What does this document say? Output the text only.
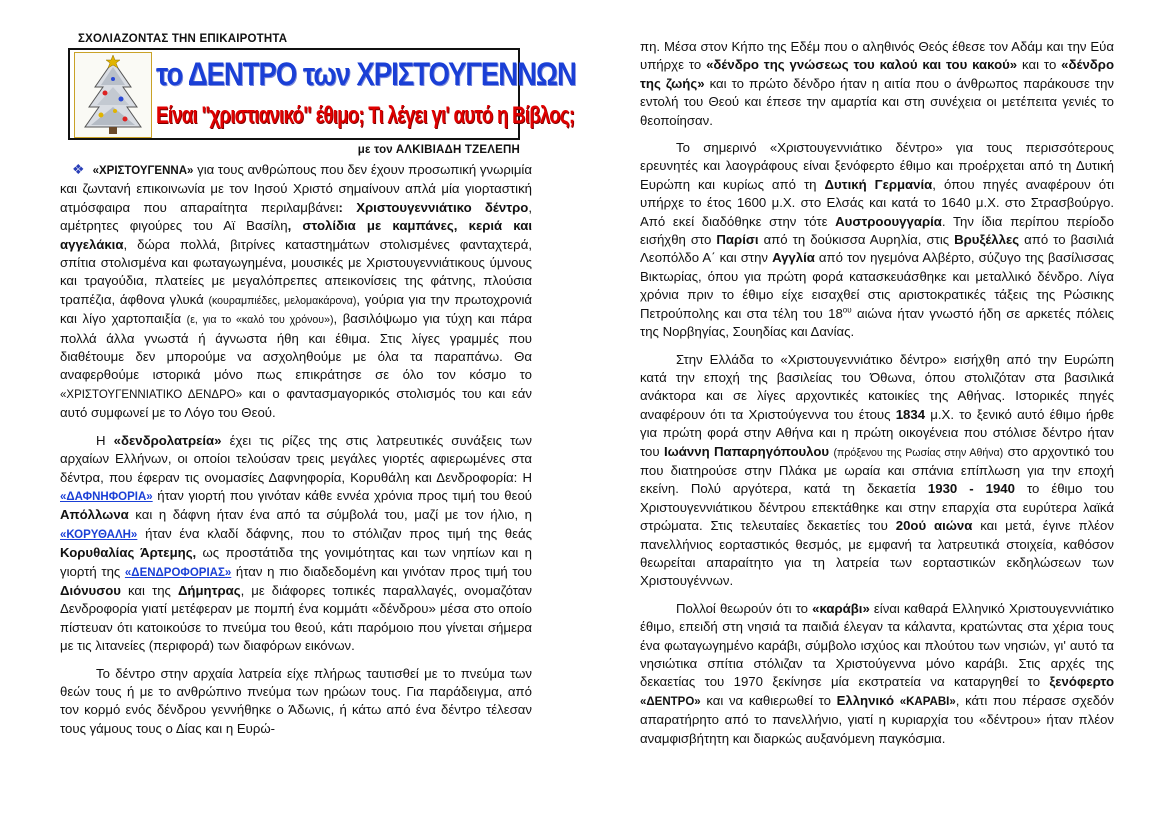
ΣΧΟΛΙΑΖΟΝΤΑΣ ΤΗΝ ΕΠΙΚΑΙΡΟΤΗΤΑ
το ΔΕΝΤΡΟ των ΧΡΙΣΤΟΥΓΕΝΝΩΝ
Είναι "χριστιανικό" έθιμο; Τι λέγει γι' αυτό η Βίβλος;
με τον ΑΛΚΙΒΙΑΔΗ ΤΖΕΛΕΠΗ

❖ «ΧΡΙΣΤΟΥΓΕΝΝΑ» για τους ανθρώπους που δεν έχουν προσωπική γνωριμία και ζωντανή επικοινωνία με τον Ιησού Χριστό σημαίνουν απλά μία γιορταστική ατμόσφαιρα που απαραίτητα περιλαμβάνει: Χριστουγεννιάτικο δέντρο, αμέτρητες φιγούρες του Αϊ Βασίλη, στολίδια με καμπάνες, κεριά και αγγελάκια, δώρα πολλά, βιτρίνες καταστημάτων στολισμένες φανταχτερά, σπίτια στολισμένα και φωταγωγημένα, μουσικές με Χριστουγεννιάτικους ύμνους και τραγούδια, πλατείες με μεγαλόπρεπες απεικονίσεις της φάτνης, πλούσια τραπέζια, άφθονα γλυκά (κουραμπιέδες, μελομακάρονα), γούρια για την πρωτοχρονιά και λίγο χαρτοπαιξία (ε, για το «καλό του χρόνου»), βασιλόψωμο για τύχη και πάρα πολλά άλλα γνωστά ή άγνωστα ήθη και έθιμα. Στις λίγες γραμμές που διαθέτουμε δεν μπορούμε να ασχοληθούμε με όλα τα παραπάνω. Θα αναφερθούμε ιστορικά μόνο πως επικράτησε σε όλο τον κόσμο το «ΧΡΙΣΤΟΥΓΕΝΝΙΑΤΙΚΟ ΔΕΝΔΡΟ» και ο φαντασμαγορικός στολισμός του και εάν αυτό συμφωνεί με το Λόγο του Θεού.

Η «δενδρολατρεία» έχει τις ρίζες της στις λατρευτικές συνάξεις των αρχαίων Ελλήνων, οι οποίοι τελούσαν τρεις μεγάλες γιορτές αφιερωμένες στα δέντρα, που έφεραν τις ονομασίες Δαφνηφορία, Κορυθάλη και Δενδροφορία: Η «ΔΑΦΝΗΦΟΡΙΑ» ήταν γιορτή που γινόταν κάθε εννέα χρόνια προς τιμή του θεού Απόλλωνα και η δάφνη ήταν ένα από τα σύμβολά του, μαζί με τον ήλιο, η «ΚΟΡΥΘΑΛΗ» ήταν ένα κλαδί δάφνης, που το στόλιζαν προς τιμή της θεάς Κορυθαλίας Άρτεμης, ως προστάτιδα της γονιμότητας και των νηπίων και η γιορτή της «ΔΕΝΔΡΟΦΟΡΙΑΣ» ήταν η πιο διαδεδομένη και γινόταν προς τιμή του Διόνυσου και της Δήμητρας, με διάφορες τοπικές παραλλαγές, ονομαζόταν Δενδροφορία γιατί μετέφεραν με πομπή ένα κομμάτι «δένδρου» μέσα στο οποίο πίστευαν ότι κατοικούσε το πνεύμα του θεού, κάτι παρόμοιο που γίνεται σήμερα με τις λιτανείες (περιφορά) των διαφόρων εικόνων.

Το δέντρο στην αρχαία λατρεία είχε πλήρως ταυτισθεί με το πνεύμα των θεών τους ή με το ανθρώπινο πνεύμα των ηρώων τους. Για παράδειγμα, από τον κορμό ενός δένδρου γεννήθηκε ο Άδωνις, ή κάτω από ένα δέντρο τέλεσαν τους γάμους τους ο Δίας και η Ευρώ-

πη. Μέσα στον Κήπο της Εδέμ που ο αληθινός Θεός έθεσε τον Αδάμ και την Εύα υπήρχε το «δένδρο της γνώσεως του καλού και του κακού» και το «δένδρο της ζωής» και το πρώτο δένδρο ήταν η αιτία που ο άνθρωπος παράκουσε την εντολή του Θεού και έπεσε την αμαρτία και στη συνέχεια οι μετέπειτα γενιές το θεοποίησαν.

Το σημερινό «Χριστουγεννιάτικο δέντρο» για τους περισσότερους ερευνητές και λαογράφους είναι ξενόφερτο έθιμο και προέρχεται από τη Δυτική Ευρώπη και κυρίως από τη Δυτική Γερμανία, όπου πηγές αναφέρουν ότι υπήρχε το έτος 1600 μ.Χ. στο Ελσάς και κατά το 1640 μ.Χ. στο Στρασβούργο. Από εκεί διαδόθηκε στην τότε Αυστροουγγαρία. Την ίδια περίπου περίοδο εισήχθη στο Παρίσι από τη δούκισσα Αυρηλία, στις Βρυξέλλες από το βασιλιά Λεοπόλδο Α΄ και στην Αγγλία από τον ηγεμόνα Αλβέρτο, σύζυγο της βασίλισσας Βικτωρίας, όπου για πρώτη φορά κατασκευάσθηκε και μεταλλικό δένδρο. Λίγα χρόνια πριν το έθιμο είχε εισαχθεί στις αριστοκρατικές τάξεις της Ρώσικης Πετρούπολης και στα τέλη του $18^{o\upsilon}$ αιώνα ήταν γνωστό ήδη σε αρκετές πόλεις της Νορβηγίας, Σουηδίας και Δανίας.

Στην Ελλάδα το «Χριστουγεννιάτικο δέντρο» εισήχθη από την Ευρώπη κατά την εποχή της βασιλείας του Όθωνα, όπου στολιζόταν στα βασιλικά ανάκτορα και σε λίγες αρχοντικές κατοικίες της Αθήνας. Ιστορικές πηγές αναφέρουν ότι τα Χριστούγεννα του έτους 1834 μ.Χ. το ξενικό αυτό έθιμο ήρθε για πρώτη φορά στην Αθήνα και η πρώτη οικογένεια που στόλισε δέντρο ήταν του Ιωάννη Παπαρηγόπουλου (πρόξενου της Ρωσίας στην Αθήνα) στο αρχοντικό του που διατηρούσε στην Πλάκα με ωραία και σπάνια επίπλωση για την εποχή εκείνη. Πολύ αργότερα, κατά τη δεκαετία 1930 - 1940 το έθιμο του Χριστουγεννιάτικου δέντρου επεκτάθηκε και στην επαρχία στα ευρύτερα λαϊκά στρώματα. Στις τελευταίες δεκαετίες του 20ού αιώνα και μετά, έγινε πλέον πανελλήνιος εορταστικός θεσμός, με εμφανή τα λατρευτικά στοιχεία, καθόσον θεωρείται απαραίτητο για τη λατρεία των εορταστικών εκδηλώσεων των Χριστουγέννων.

Πολλοί θεωρούν ότι το «καράβι» είναι καθαρά Ελληνικό Χριστουγεννιάτικο έθιμο, επειδή στη νησιά τα παιδιά έλεγαν τα κάλαντα, κρατώντας στα χέρια τους ένα φωταγωγημένο καράβι, σύμβολο ισχύος και πλούτου των νησιών, γι' αυτό τα νησιώτικα σπίτια στόλιζαν τα Χριστούγεννα μόνο καράβι. Στις αρχές της δεκαετίας του 1970 ξεκίνησε μία εκστρατεία να καταργηθεί το ξενόφερτο «ΔΕΝΤΡΟ» και να καθιερωθεί το Ελληνικό «ΚΑΡΑΒΙ», κάτι που πέρασε σχεδόν απαρατήρητο από το πανελλήνιο, γιατί η κυριαρχία του «δέντρου» ήταν πλέον αναμφισβήτητη και διαρκώς αυξανόμενη παγκόσμια.
